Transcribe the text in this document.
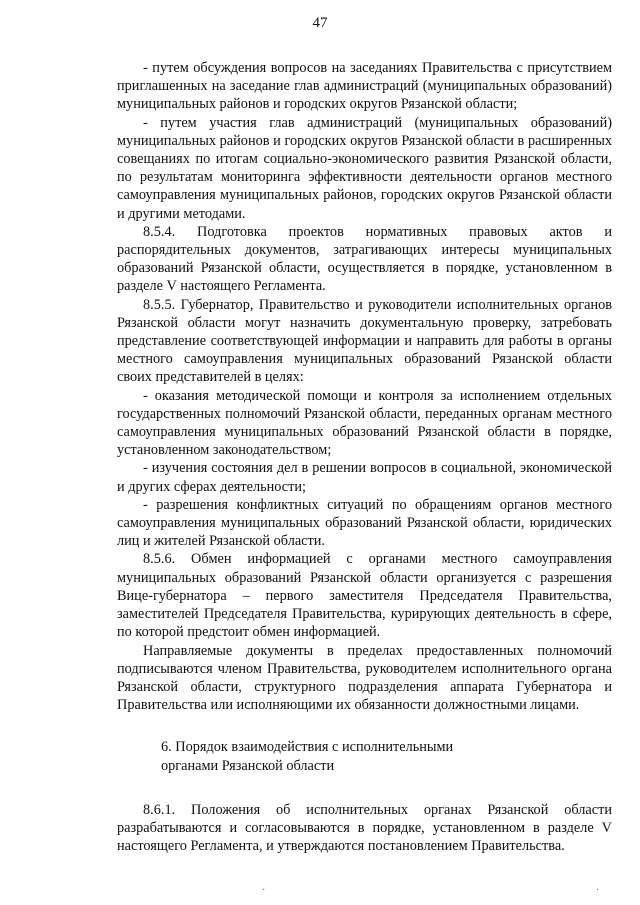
47

- путем обсуждения вопросов на заседаниях Правительства с присутствием приглашенных на заседание глав администраций (муниципальных образований) муниципальных районов и городских округов Рязанской области;

- путем участия глав администраций (муниципальных образований) муниципальных районов и городских округов Рязанской области в расширенных совещаниях по итогам социально-экономического развития Рязанской области, по результатам мониторинга эффективности деятельности органов местного самоуправления муниципальных районов, городских округов Рязанской области и другими методами.

8.5.4. Подготовка проектов нормативных правовых актов и распорядительных документов, затрагивающих интересы муниципальных образований Рязанской области, осуществляется в порядке, установленном в разделе V настоящего Регламента.

8.5.5. Губернатор, Правительство и руководители исполнительных органов Рязанской области могут назначить документальную проверку, затребовать представление соответствующей информации и направить для работы в органы местного самоуправления муниципальных образований Рязанской области своих представителей в целях:

- оказания методической помощи и контроля за исполнением отдельных государственных полномочий Рязанской области, переданных органам местного самоуправления муниципальных образований Рязанской области в порядке, установленном законодательством;

- изучения состояния дел в решении вопросов в социальной, экономической и других сферах деятельности;

- разрешения конфликтных ситуаций по обращениям органов местного самоуправления муниципальных образований Рязанской области, юридических лиц и жителей Рязанской области.

8.5.6. Обмен информацией с органами местного самоуправления муниципальных образований Рязанской области организуется с разрешения Вице-губернатора – первого заместителя Председателя Правительства, заместителей Председателя Правительства, курирующих деятельность в сфере, по которой предстоит обмен информацией.

Направляемые документы в пределах предоставленных полномочий подписываются членом Правительства, руководителем исполнительного органа Рязанской области, структурного подразделения аппарата Губернатора и Правительства или исполняющими их обязанности должностными лицами.

6. Порядок взаимодействия с исполнительными

органами Рязанской области

8.6.1. Положения об исполнительных органах Рязанской области разрабатываются и согласовываются в порядке, установленном в разделе V настоящего Регламента, и утверждаются постановлением Правительства.

·	·
